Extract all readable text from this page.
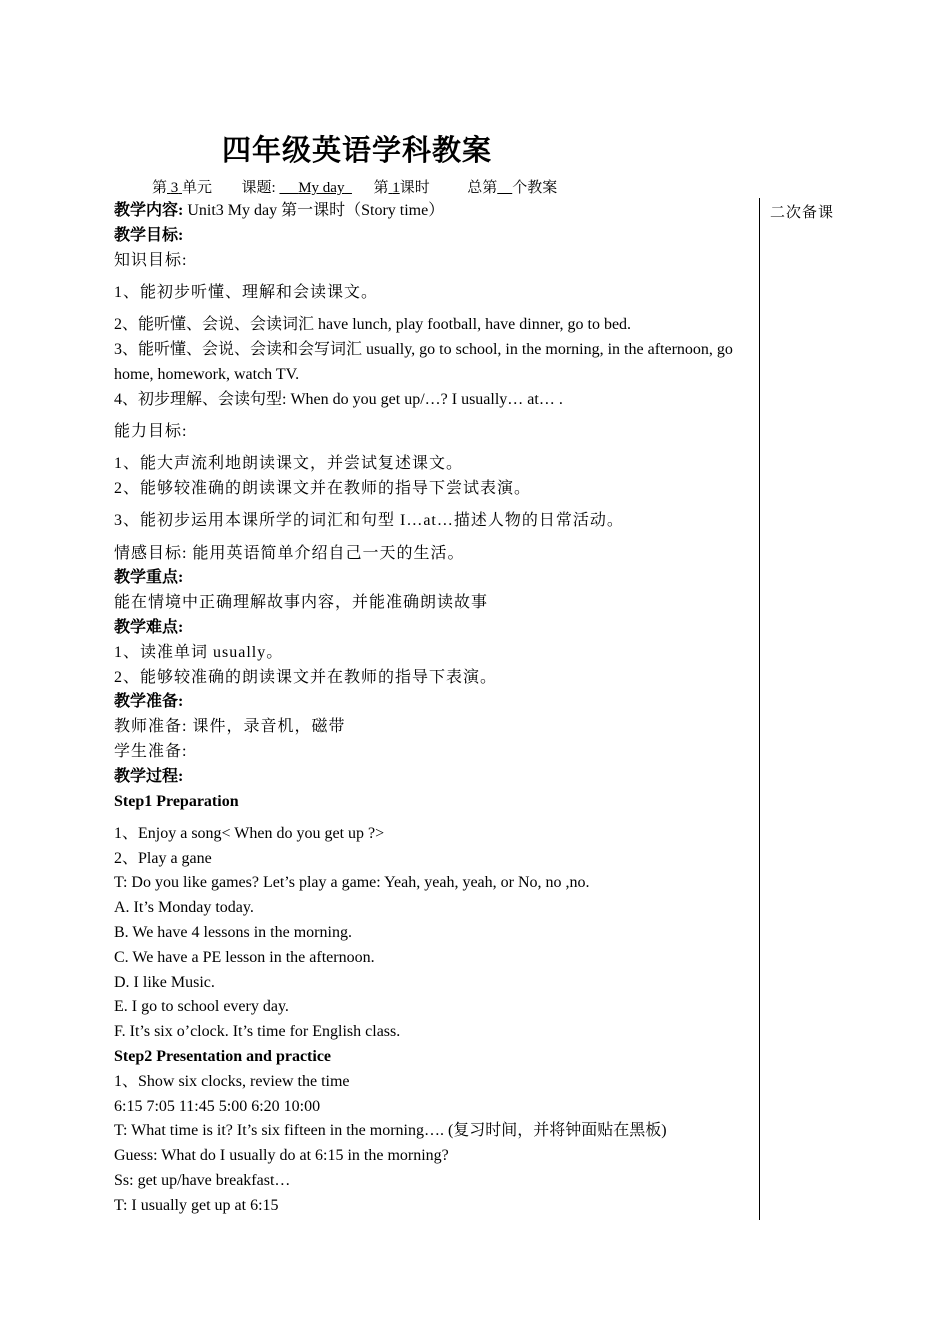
四年级英语学科教案
第 3 单元 课题: My day 第 1课时	总第 个教案
二次备课
教学内容: Unit3 My day 第一课时（Story time）
教学目标:
知识目标:
1、能初步听懂、理解和会读课文。
2、能听懂、会说、会读词汇 have lunch, play football, have dinner, go to bed.
3、能听懂、会说、会读和会写词汇 usually, go to school, in the morning, in the afternoon, go
home, homework, watch TV.
4、初步理解、会读句型: When do you get up/…? I usually… at… .
能力目标:
1、能大声流利地朗读课文，并尝试复述课文。
2、能够较准确的朗读课文并在教师的指导下尝试表演。
3、能初步运用本课所学的词汇和句型 I…at…描述人物的日常活动。
情感目标: 能用英语简单介绍自己一天的生活。
教学重点:
能在情境中正确理解故事内容，并能准确朗读故事
教学难点:
1、读准单词 usually。
2、能够较准确的朗读课文并在教师的指导下表演。
教学准备:
教师准备: 课件，录音机，磁带
学生准备:
教学过程:
Step1 Preparation
1、Enjoy a song< When do you get up ?>
2、Play a gane
T: Do you like games? Let’s play a game: Yeah, yeah, yeah, or No, no ,no.
A. It’s Monday today.
B. We have 4 lessons in the morning.
C. We have a PE lesson in the afternoon.
D. I like Music.
E. I go to school every day.
F. It’s six o’clock. It’s time for English class.
Step2 Presentation and practice
1、Show six clocks, review the time
6:15 7:05 11:45 5:00 6:20 10:00
T: What time is it? It’s six fifteen in the morning…. (复习时间，并将钟面贴在黑板)
Guess: What do I usually do at 6:15 in the morning?
Ss: get up/have breakfast…
T: I usually get up at 6:15
